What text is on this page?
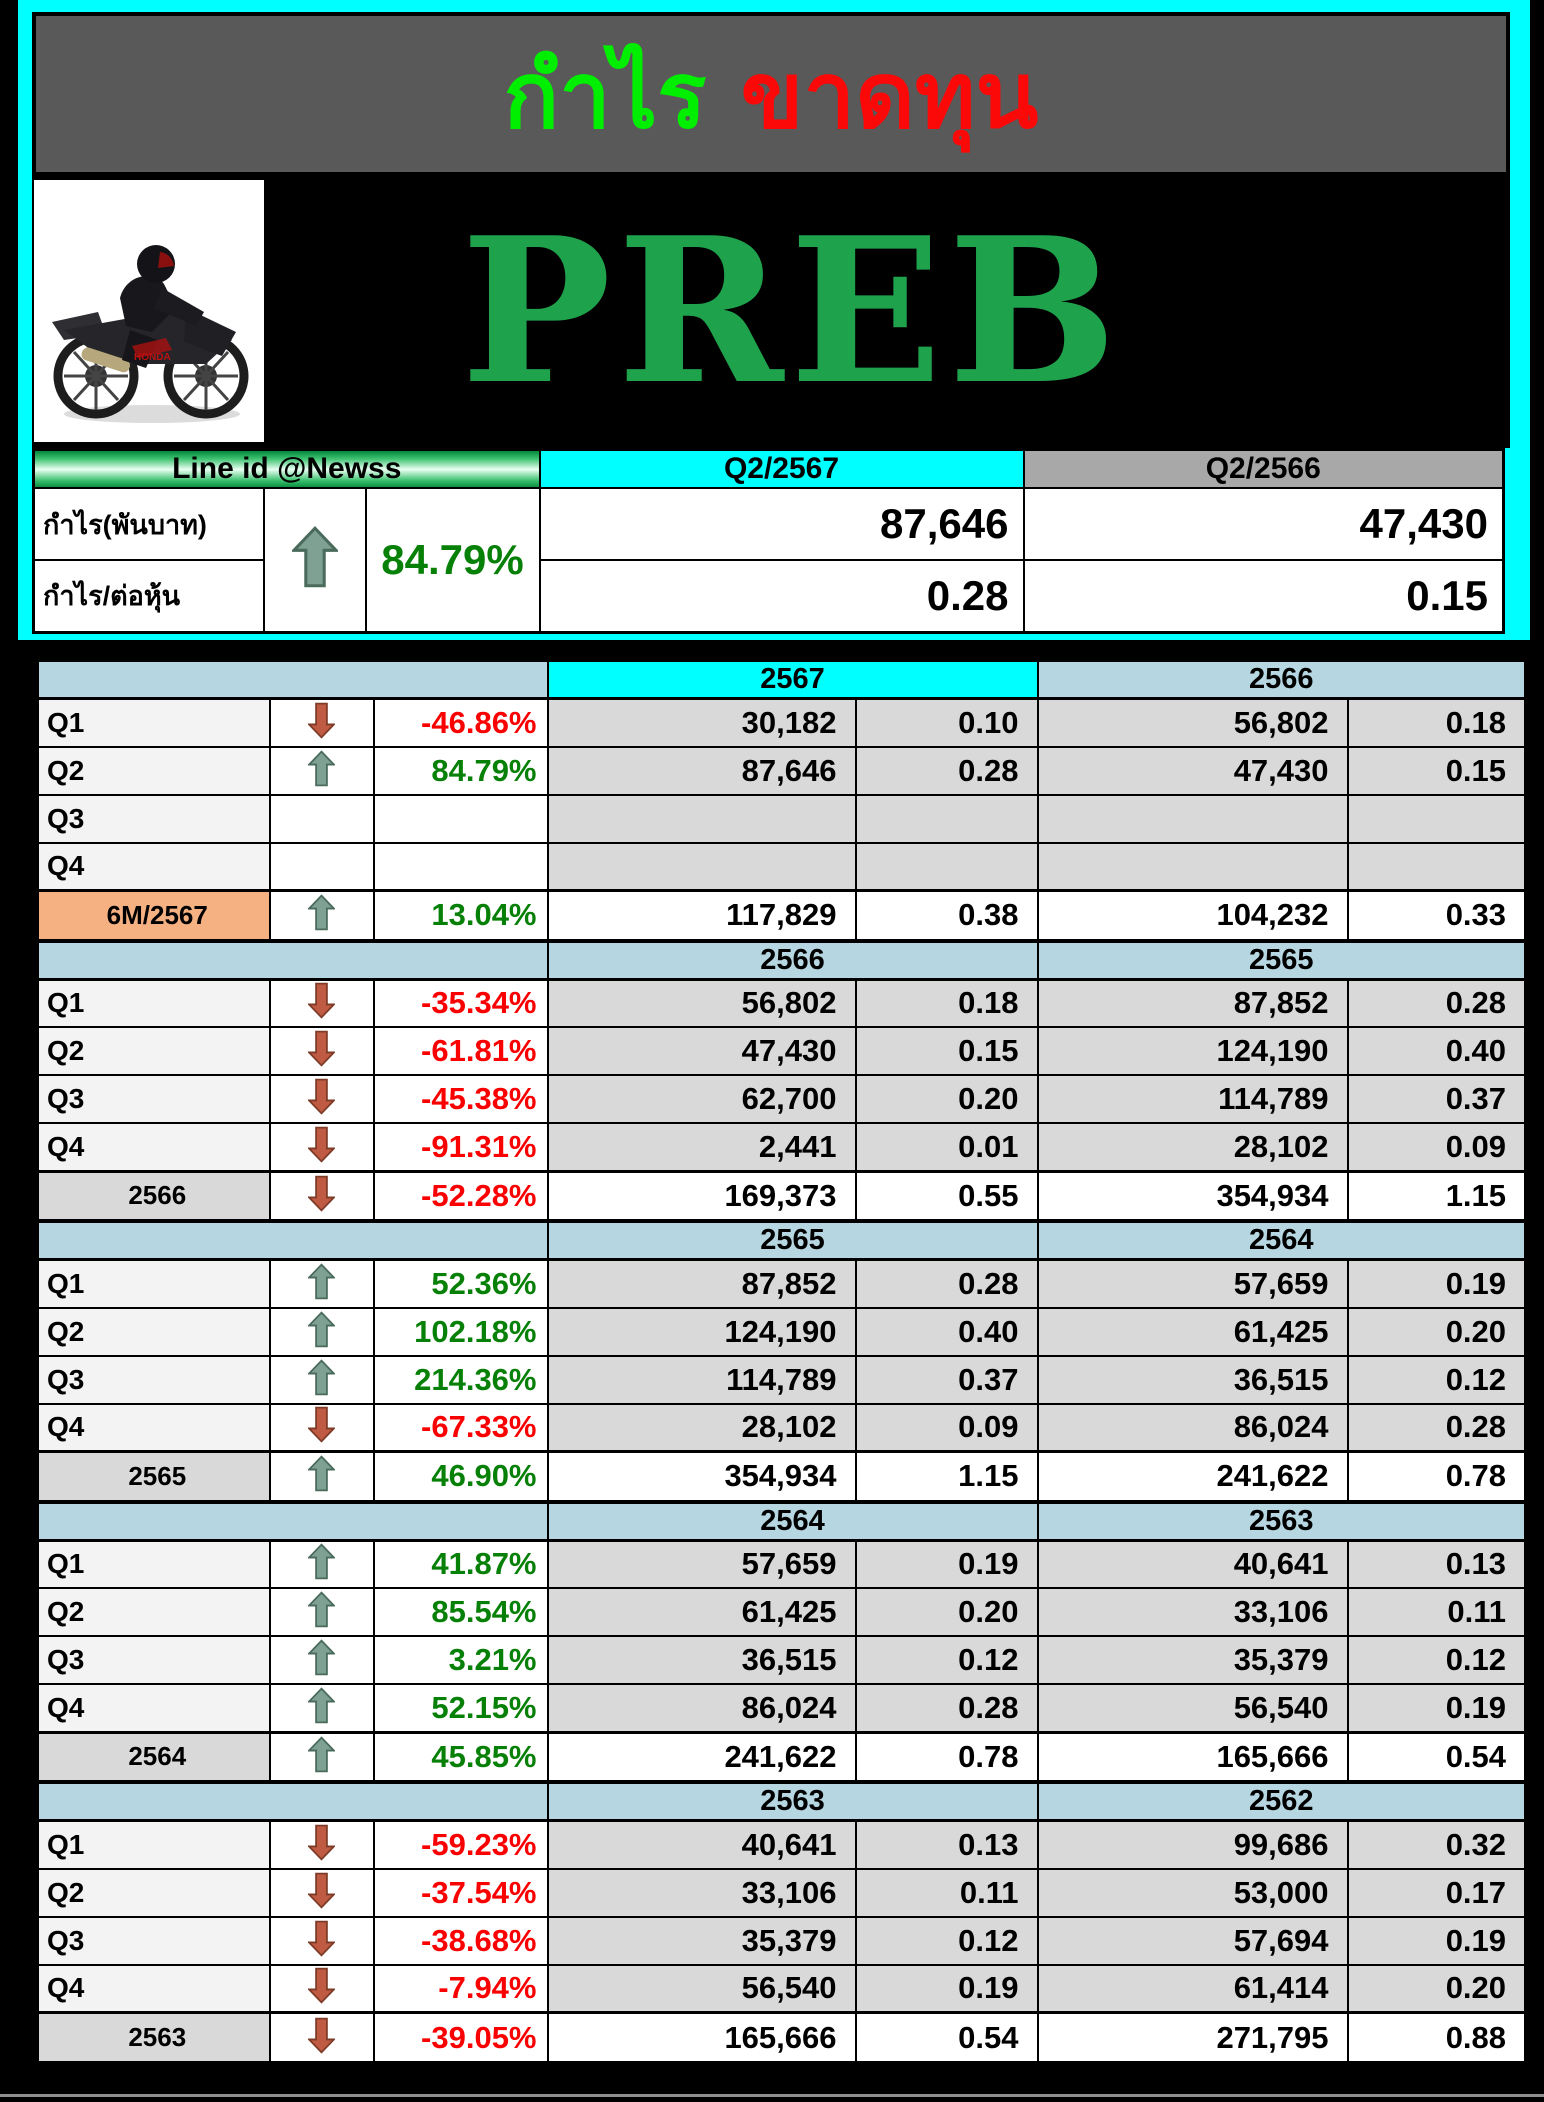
กำไร ขาดทุน
HONDA	PREB
Line id @Newss			Q2/2567	Q2/2566
กำไร(พันบาท)		84.79%	87,646	47,430
กำไร/ต่อหุ้น			0.28	0.15
			2567		2566	
Q1		-46.86%	30,182	0.10	56,802	0.18
Q2		84.79%	87,646	0.28	47,430	0.15
Q3						
Q4						
6M/2567		13.04%	117,829	0.38	104,232	0.33
			2566		2565	
Q1		-35.34%	56,802	0.18	87,852	0.28
Q2		-61.81%	47,430	0.15	124,190	0.40
Q3		-45.38%	62,700	0.20	114,789	0.37
Q4		-91.31%	2,441	0.01	28,102	0.09
2566		-52.28%	169,373	0.55	354,934	1.15
			2565		2564	
Q1		52.36%	87,852	0.28	57,659	0.19
Q2		102.18%	124,190	0.40	61,425	0.20
Q3		214.36%	114,789	0.37	36,515	0.12
Q4		-67.33%	28,102	0.09	86,024	0.28
2565		46.90%	354,934	1.15	241,622	0.78
			2564		2563	
Q1		41.87%	57,659	0.19	40,641	0.13
Q2		85.54%	61,425	0.20	33,106	0.11
Q3		3.21%	36,515	0.12	35,379	0.12
Q4		52.15%	86,024	0.28	56,540	0.19
2564		45.85%	241,622	0.78	165,666	0.54
			2563		2562	
Q1		-59.23%	40,641	0.13	99,686	0.32
Q2		-37.54%	33,106	0.11	53,000	0.17
Q3		-38.68%	35,379	0.12	57,694	0.19
Q4		-7.94%	56,540	0.19	61,414	0.20
2563		-39.05%	165,666	0.54	271,795	0.88
